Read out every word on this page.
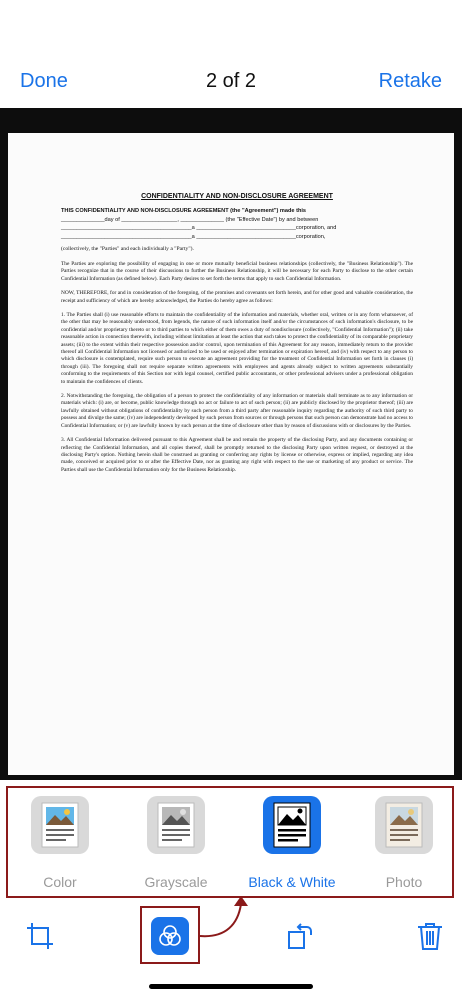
Done	2 of 2	Retake
CONFIDENTIALITY AND NON-DISCLOSURE AGREEMENT
THIS CONFIDENTIALITY AND NON-DISCLOSURE AGREEMENT (the "Agreement") made this
______________day of __________________, ______________ (the "Effective Date") by and between
__________________________________________a ________________________________corporation, and
__________________________________________a ________________________________corporation,
(collectively, the "Parties" and each individually a "Party").
The Parties are exploring the possibility of engaging in one or more mutually beneficial business relationships (collectively, the "Business Relationship"). The Parties recognize that in the course of their discussions to further the Business Relationship, it will be necessary for each Party to disclose to the other certain Confidential Information (as defined below). Each Party desires to set forth the terms that apply to such Confidential Information.
NOW, THEREFORE, for and in consideration of the foregoing, of the promises and covenants set forth herein, and for other good and valuable consideration, the receipt and sufficiency of which are hereby acknowledged, the Parties do hereby agree as follows:
1. The Parties shall (i) use reasonable efforts to maintain the confidentiality of the information and materials, whether oral, written or in any form whatsoever, of the other that may be reasonably understood, from legends, the nature of such information itself and/or the circumstances of such information's disclosure, to be confidential and/or proprietary thereto or to third parties to which either of them owes a duty of nondisclosure (collectively, "Confidential Information"); (ii) take reasonable action in connection therewith, including without limitation at least the action that each takes to protect the confidentiality of its comparable proprietary assets; (iii) to the extent within their respective possession and/or control, upon termination of this Agreement for any reason, immediately return to the provider thereof all Confidential Information not licensed or authorized to be used or enjoyed after termination or expiration hereof, and (iv) with respect to any person to which disclosure is contemplated, require such person to execute an agreement providing for the treatment of Confidential Information set forth in clauses (i) through (iii). The foregoing shall not require separate written agreements with employees and agents already subject to written agreements substantially conforming to the requirements of this Section nor with legal counsel, certified public accountants, or other professional advisers under a professional obligation to maintain the confidences of clients.
2. Notwithstanding the foregoing, the obligation of a person to protect the confidentiality of any information or materials shall terminate as to any information or materials which: (i) are, or become, public knowledge through no act or failure to act of such person; (ii) are publicly disclosed by the proprietor thereof; (iii) are lawfully obtained without obligations of confidentiality by such person from a third party after reasonable inquiry regarding the authority of such third party to possess and divulge the same; (iv) are independently developed by such person from sources or through persons that such person can demonstrate had no access to Confidential Information; or (v) are lawfully known by such person at the time of disclosure other than by reason of discussions with or disclosures by the Parties.
3. All Confidential Information delivered pursuant to this Agreement shall be and remain the property of the disclosing Party, and any documents containing or reflecting the Confidential Information, and all copies thereof, shall be promptly returned to the disclosing Party upon written request, or destroyed at the disclosing Party's option. Nothing herein shall be construed as granting or conferring any rights by license or otherwise, express or implied, regarding any idea made, conceived or acquired prior to or after the Effective Date, nor as granting any right with respect to the use or marketing of any product or service. The Parties shall use the Confidential Information only for the Business Relationship.
Color	Grayscale	Black & White	Photo
